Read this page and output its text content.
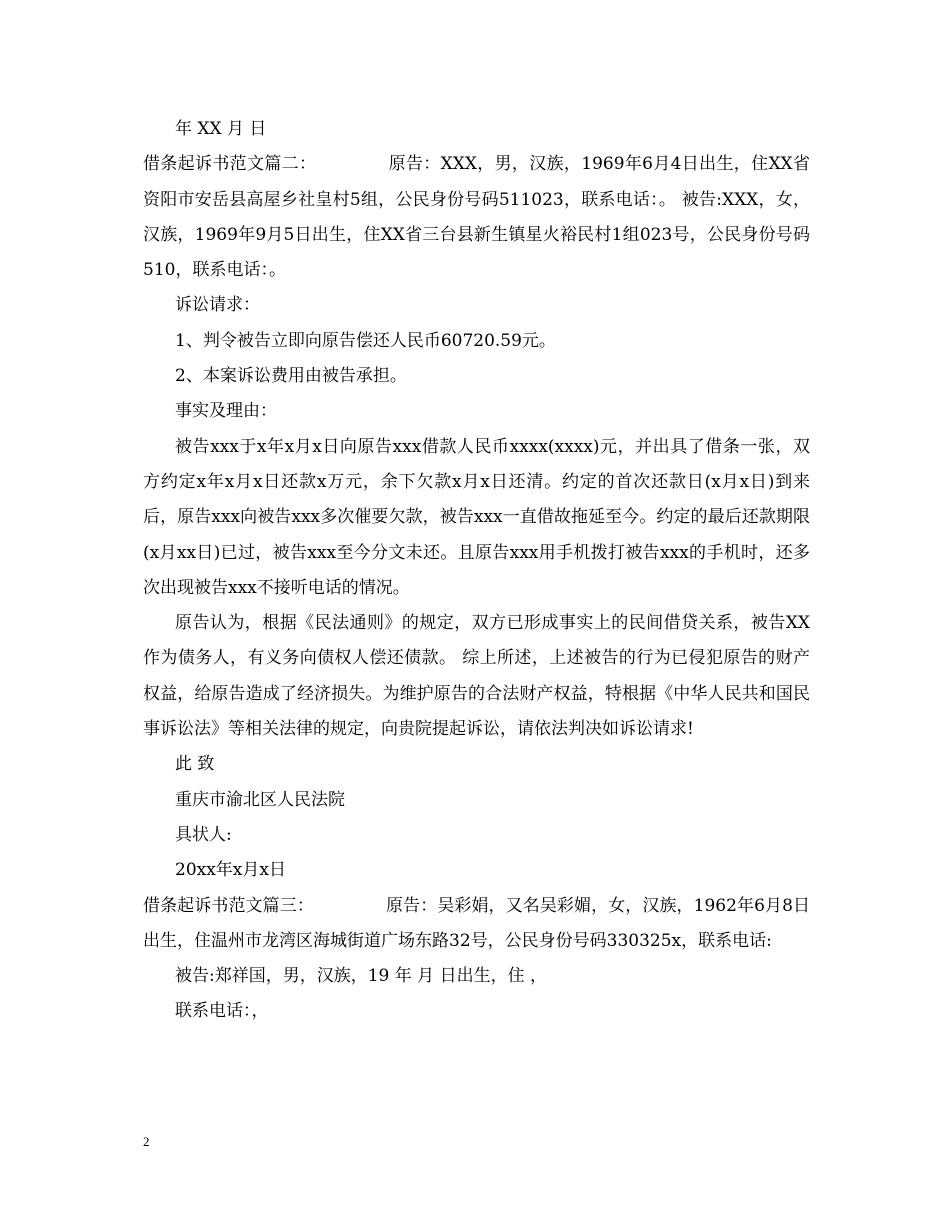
年 XX 月 日
借条起诉书范文篇二：	原告：XXX，男，汉族，1969年6月4日出生，住XX省资阳市安岳县高屋乡社皇村5组，公民身份号码511023，联系电话：。 被告:XXX，女，汉族，1969年9月5日出生，住XX省三台县新生镇星火裕民村1组023号，公民身份号码510，联系电话：。
诉讼请求：
1、判令被告立即向原告偿还人民币60720.59元。
2、本案诉讼费用由被告承担。
事实及理由：
被告xxx于x年x月x日向原告xxx借款人民币xxxx(xxxx)元，并出具了借条一张，双方约定x年x月x日还款x万元，余下欠款x月x日还清。约定的首次还款日(x月x日)到来后，原告xxx向被告xxx多次催要欠款，被告xxx一直借故拖延至今。约定的最后还款期限(x月xx日)已过，被告xxx至今分文未还。且原告xxx用手机拨打被告xxx的手机时，还多次出现被告xxx不接听电话的情况。
原告认为，根据《民法通则》的规定，双方已形成事实上的民间借贷关系，被告XX作为债务人，有义务向债权人偿还债款。 综上所述，上述被告的行为已侵犯原告的财产权益，给原告造成了经济损失。为维护原告的合法财产权益，特根据《中华人民共和国民事诉讼法》等相关法律的规定，向贵院提起诉讼，请依法判决如诉讼请求!
此 致
重庆市渝北区人民法院
具状人:
20xx年x月x日
借条起诉书范文篇三：	原告：吴彩娟，又名吴彩媚，女，汉族，1962年6月8日出生，住温州市龙湾区海城街道广场东路32号，公民身份号码330325x，联系电话:
被告:郑祥国，男，汉族，19 年 月 日出生，住 ，
联系电话：，
2
